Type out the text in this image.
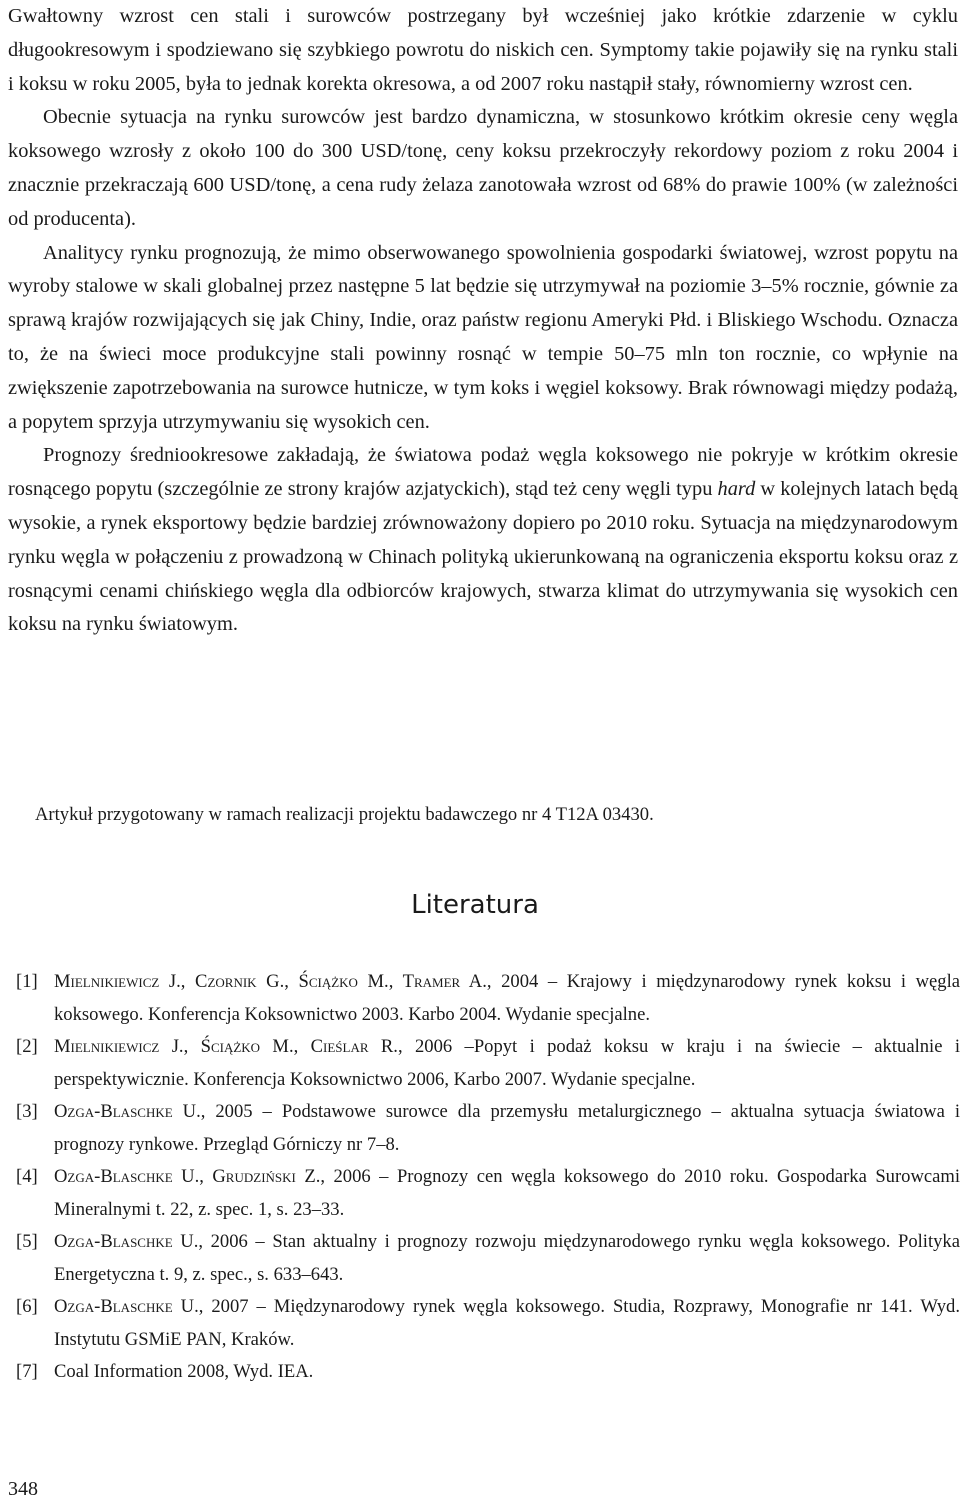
Gwałtowny wzrost cen stali i surowców postrzegany był wcześniej jako krótkie zdarzenie w cyklu długookresowym i spodziewano się szybkiego powrotu do niskich cen. Symptomy takie pojawiły się na rynku stali i koksu w roku 2005, była to jednak korekta okresowa, a od 2007 roku nastąpił stały, równomierny wzrost cen.

Obecnie sytuacja na rynku surowców jest bardzo dynamiczna, w stosunkowo krótkim okresie ceny węgla koksowego wzrosły z około 100 do 300 USD/tonę, ceny koksu przekroczyły rekordowy poziom z roku 2004 i znacznie przekraczają 600 USD/tonę, a cena rudy żelaza zanotowała wzrost od 68% do prawie 100% (w zależności od producenta).

Analitycy rynku prognozują, że mimo obserwowanego spowolnienia gospodarki światowej, wzrost popytu na wyroby stalowe w skali globalnej przez następne 5 lat będzie się utrzymywał na poziomie 3–5% rocznie, gównie za sprawą krajów rozwijających się jak Chiny, Indie, oraz państw regionu Ameryki Płd. i Bliskiego Wschodu. Oznacza to, że na świeci moce produkcyjne stali powinny rosnąć w tempie 50–75 mln ton rocznie, co wpłynie na zwiększenie zapotrzebowania na surowce hutnicze, w tym koks i węgiel koksowy. Brak równowagi między podażą, a popytem sprzyja utrzymywaniu się wysokich cen.

Prognozy średniookresowe zakładają, że światowa podaż węgla koksowego nie pokryje w krótkim okresie rosnącego popytu (szczególnie ze strony krajów azjatyckich), stąd też ceny węgli typu hard w kolejnych latach będą wysokie, a rynek eksportowy będzie bardziej zrównoważony dopiero po 2010 roku. Sytuacja na międzynarodowym rynku węgla w połączeniu z prowadzoną w Chinach polityką ukierunkowaną na ograniczenia eksportu koksu oraz z rosnącymi cenami chińskiego węgla dla odbiorców krajowych, stwarza klimat do utrzymywania się wysokich cen koksu na rynku światowym.

Artykuł przygotowany w ramach realizacji projektu badawczego nr 4 T12A 03430.

Literatura

[1] Mielnikiewicz J., Czornik G., Ściążko M., Tramer A., 2004 – Krajowy i międzynarodowy rynek koksu i węgla koksowego. Konferencja Koksownictwo 2003. Karbo 2004. Wydanie specjalne.

[2] Mielnikiewicz J., Ściążko M., Cieślar R., 2006 –Popyt i podaż koksu w kraju i na świecie – aktualnie i perspektywicznie. Konferencja Koksownictwo 2006, Karbo 2007. Wydanie specjalne.

[3] Ozga-Blaschke U., 2005 – Podstawowe surowce dla przemysłu metalurgicznego – aktualna sytuacja światowa i prognozy rynkowe. Przegląd Górniczy nr 7–8.

[4] Ozga-Blaschke U., Grudziński Z., 2006 – Prognozy cen węgla koksowego do 2010 roku. Gospodarka Surowcami Mineralnymi t. 22, z. spec. 1, s. 23–33.

[5] Ozga-Blaschke U., 2006 – Stan aktualny i prognozy rozwoju międzynarodowego rynku węgla koksowego. Polityka Energetyczna t. 9, z. spec., s. 633–643.

[6] Ozga-Blaschke U., 2007 – Międzynarodowy rynek węgla koksowego. Studia, Rozprawy, Monografie nr 141. Wyd. Instytutu GSMiE PAN, Kraków.

[7] Coal Information 2008, Wyd. IEA.

348
